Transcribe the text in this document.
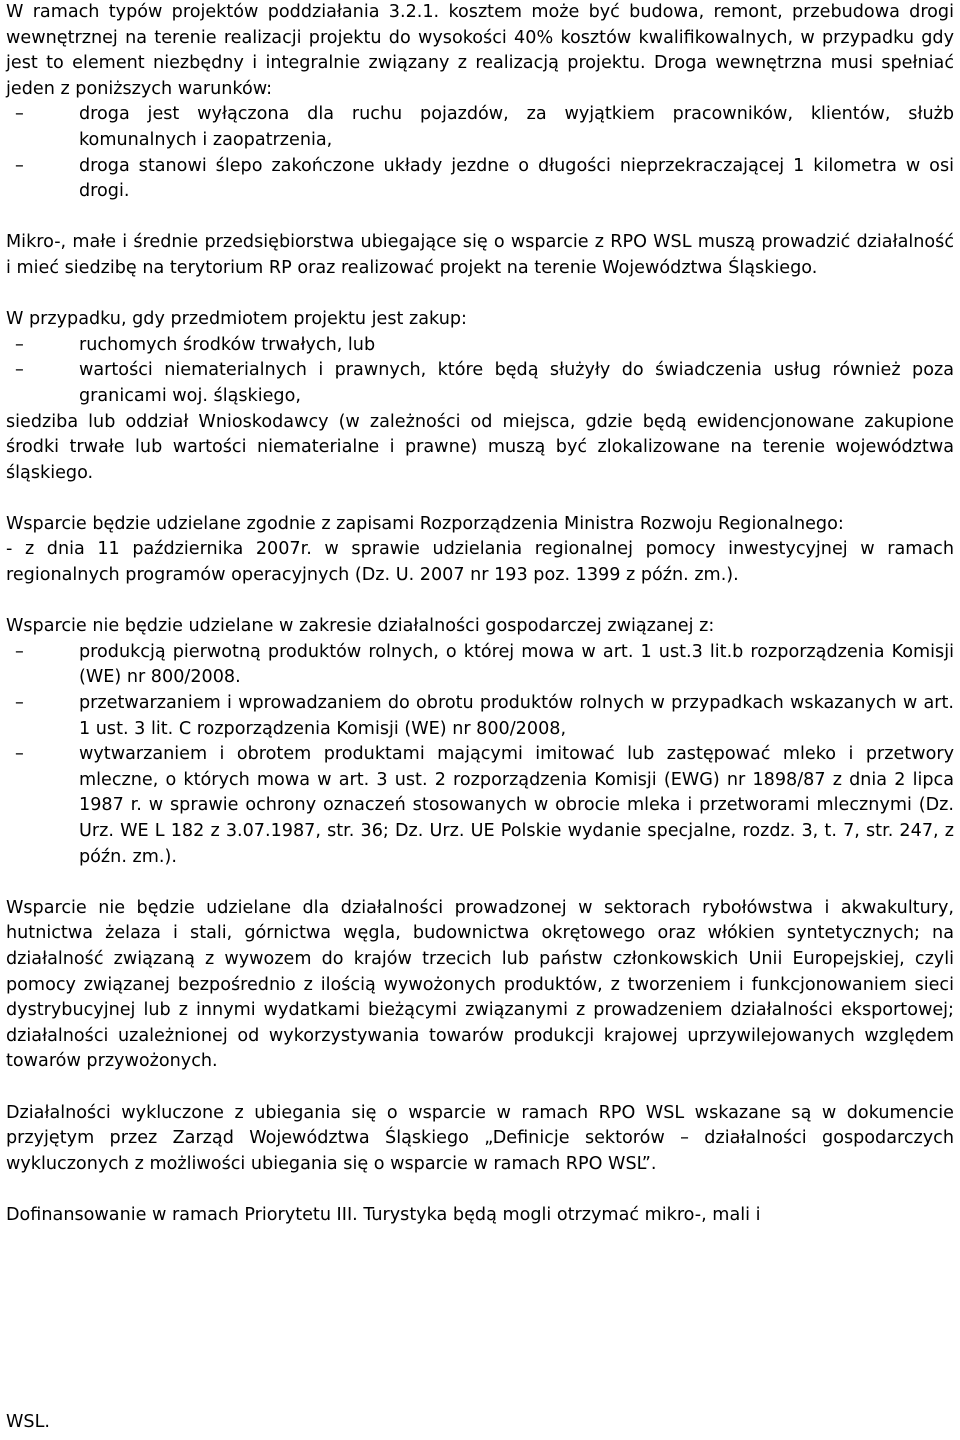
W ramach typów projektów poddziałania 3.2.1. kosztem może być budowa, remont, przebudowa drogi wewnętrznej na terenie realizacji projektu do wysokości 40% kosztów kwalifikowalnych, w przypadku gdy jest to element niezbędny i integralnie związany z realizacją projektu. Droga wewnętrzna musi spełniać jeden z poniższych warunków:

– droga jest wyłączona dla ruchu pojazdów, za wyjątkiem pracowników, klientów, służb komunalnych i zaopatrzenia,
– droga stanowi ślepo zakończone układy jezdne o długości nieprzekraczającej 1 kilometra w osi drogi.

Mikro-, małe i średnie przedsiębiorstwa ubiegające się o wsparcie z RPO WSL muszą prowadzić działalność i mieć siedzibę na terytorium RP oraz realizować projekt na terenie Województwa Śląskiego.

W przypadku, gdy przedmiotem projektu jest zakup:

– ruchomych środków trwałych, lub
– wartości niematerialnych i prawnych, które będą służyły do świadczenia usług również poza granicami woj. śląskiego,

siedziba lub oddział Wnioskodawcy (w zależności od miejsca, gdzie będą ewidencjonowane zakupione środki trwałe lub wartości niematerialne i prawne) muszą być zlokalizowane na terenie województwa śląskiego.

Wsparcie będzie udzielane zgodnie z zapisami Rozporządzenia Ministra Rozwoju Regionalnego:

- z dnia 11 października 2007r. w sprawie udzielania regionalnej pomocy inwestycyjnej w ramach regionalnych programów operacyjnych (Dz. U. 2007 nr 193 poz. 1399 z późn. zm.).

Wsparcie nie będzie udzielane w zakresie działalności gospodarczej związanej z:

– produkcją pierwotną produktów rolnych, o której mowa w art. 1 ust.3 lit.b rozporządzenia Komisji (WE) nr 800/2008.
– przetwarzaniem i wprowadzaniem do obrotu produktów rolnych w przypadkach wskazanych w art. 1 ust. 3 lit. C rozporządzenia Komisji (WE) nr 800/2008,
– wytwarzaniem i obrotem produktami mającymi imitować lub zastępować mleko i przetwory mleczne, o których mowa w art. 3 ust. 2 rozporządzenia Komisji (EWG) nr 1898/87 z dnia 2 lipca 1987 r. w sprawie ochrony oznaczeń stosowanych w obrocie mleka i przetworami mlecznymi (Dz. Urz. WE L 182 z 3.07.1987, str. 36; Dz. Urz. UE Polskie wydanie specjalne, rozdz. 3, t. 7, str. 247, z późn. zm.).

Wsparcie nie będzie udzielane dla działalności prowadzonej w sektorach rybołówstwa i akwakultury, hutnictwa żelaza i stali, górnictwa węgla, budownictwa okrętowego oraz włókien syntetycznych; na działalność związaną z wywozem do krajów trzecich lub państw członkowskich Unii Europejskiej, czyli pomocy związanej bezpośrednio z ilością wywożonych produktów, z tworzeniem i funkcjonowaniem sieci dystrybucyjnej lub z innymi wydatkami bieżącymi związanymi z prowadzeniem działalności eksportowej; działalności uzależnionej od wykorzystywania towarów produkcji krajowej uprzywilejowanych względem towarów przywożonych.

Działalności wykluczone z ubiegania się o wsparcie w ramach RPO WSL wskazane są w dokumencie przyjętym przez Zarząd Województwa Śląskiego „Definicje sektorów – działalności gospodarczych wykluczonych z możliwości ubiegania się o wsparcie w ramach RPO WSL”.

Dofinansowanie w ramach Priorytetu III. Turystyka będą mogli otrzymać mikro-, mali i

WSL.
